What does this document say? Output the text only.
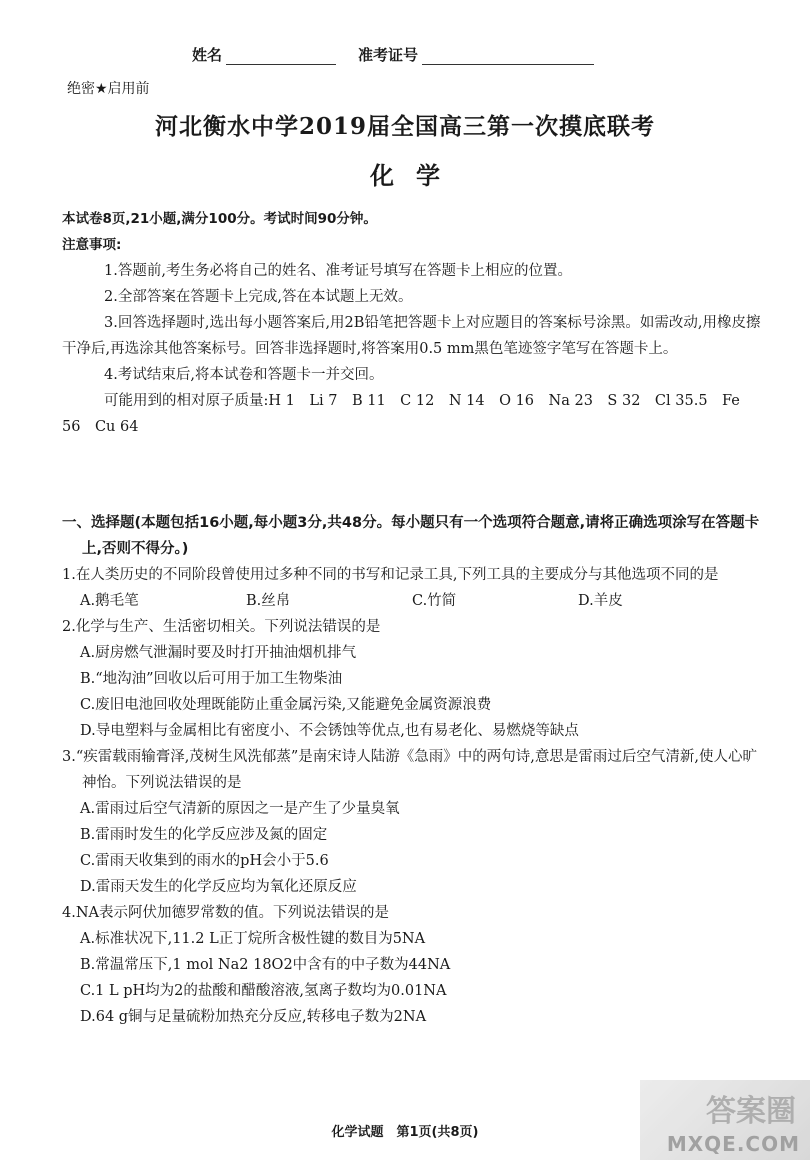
姓名	准考证号
绝密★启用前
河北衡水中学2019届全国高三第一次摸底联考
化学
本试卷8页,21小题,满分100分。考试时间90分钟。
注意事项:
1.答题前,考生务必将自己的姓名、准考证号填写在答题卡上相应的位置。
2.全部答案在答题卡上完成,答在本试题上无效。
3.回答选择题时,选出每小题答案后,用2B铅笔把答题卡上对应题目的答案标号涂黑。如需改动,用橡皮擦干净后,再选涂其他答案标号。回答非选择题时,将答案用0.5 mm黑色笔迹签字笔写在答题卡上。
4.考试结束后,将本试卷和答题卡一并交回。
可能用到的相对原子质量:H 1　Li 7　B 11　C 12　N 14　O 16　Na 23　S 32　Cl 35.5　Fe 56　Cu 64
一、选择题(本题包括16小题,每小题3分,共48分。每小题只有一个选项符合题意,请将正确选项涂写在答题卡上,否则不得分。)
1.在人类历史的不同阶段曾使用过多种不同的书写和记录工具,下列工具的主要成分与其他选项不同的是
A.鹅毛笔	B.丝帛	C.竹简	D.羊皮
2.化学与生产、生活密切相关。下列说法错误的是
A.厨房燃气泄漏时要及时打开抽油烟机排气
B.“地沟油”回收以后可用于加工生物柴油
C.废旧电池回收处理既能防止重金属污染,又能避免金属资源浪费
D.导电塑料与金属相比有密度小、不会锈蚀等优点,也有易老化、易燃烧等缺点
3.“疾雷载雨输膏泽,茂树生风洗郁蒸”是南宋诗人陆游《急雨》中的两句诗,意思是雷雨过后空气清新,使人心旷神怡。下列说法错误的是
A.雷雨过后空气清新的原因之一是产生了少量臭氧
B.雷雨时发生的化学反应涉及氮的固定
C.雷雨天收集到的雨水的pH会小于5.6
D.雷雨天发生的化学反应均为氧化还原反应
4.NA表示阿伏加德罗常数的值。下列说法错误的是
A.标准状况下,11.2 L正丁烷所含极性键的数目为5NA
B.常温常压下,1 mol Na2 18O2中含有的中子数为44NA
C.1 L pH均为2的盐酸和醋酸溶液,氢离子数均为0.01NA
D.64 g铜与足量硫粉加热充分反应,转移电子数为2NA
化学试题　第1页(共8页)
答案圈
MXQE.COM
